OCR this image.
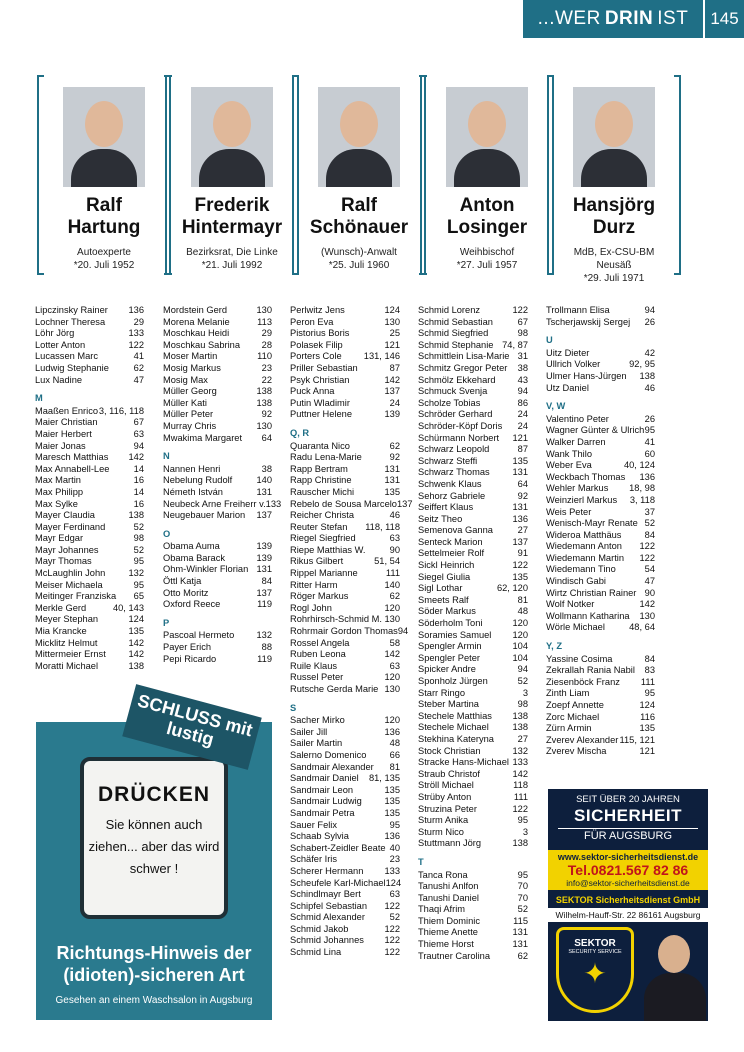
...WER DRIN IST	145
Ralf
Hartung
Autoexperte
*20. Juli 1952
Frederik
Hintermayr
Bezirksrat, Die Linke
*21. Juli 1992
Ralf
Schönauer
(Wunsch)-Anwalt
*25. Juli 1960
Anton
Losinger
Weihbischof
*27. Juli 1957
Hansjörg
Durz
MdB, Ex-CSU-BM Neusäß
*29. Juli 1971
Lipczinsky Rainer 136
Lochner Theresa	29
Löhr Jörg	133
Lotter Anton	122
Lucassen Marc	41
Ludwig Stephanie	62
Lux Nadine	47
M
Maaßen Enrico 3, 116, 118
Maier Christian	67
Maier Herbert	63
Maier Jonas	94
Maresch Matthias 142
Max Annabell-Lee	14
Max Martin	16
Max Philipp	14
Max Sylke	16
Mayer Claudia	138
Mayer Ferdinand	52
Mayr Edgar	98
Mayr Johannes	52
Mayr Thomas	95
McLaughlin John 132
Meiser Michaela	95
Meitinger Franziska 65
Merkle Gerd	40, 143
Meyer Stephan	124
Mia Krancke	135
Micklitz Helmut	142
Mittermeier Ernst 142
Moratti Michael	138
Mordstein Gerd	130
Morena Melanie	113
Moschkau Heidi	29
Moschkau Sabrina 28
Moser Martin	110
Mosig Markus	23
Mosig Max	22
Müller Georg	138
Müller Kati	138
Müller Peter	92
Murray Chris	130
Mwakima Margaret 64
N
Nannen Henri	38
Nebelung Rudolf	140
Németh István	131
Neubeck Arne Freiherr v. 133
Neugebauer Marion 137
O
Obama Auma	139
Obama Barack	139
Ohm-Winkler Florian 131
Öttl Katja	84
Otto Moritz	137
Oxford Reece	119
P
Pascoal Hermeto 132
Payer Erich	88
Pepi Ricardo	119
Perlwitz Jens	124
Peron Eva	130
Pistorius Boris	25
Polasek Filip	121
Porters Cole 131, 146
Priller Sebastian	87
Psyk Christian	142
Puck Anna	137
Putin Wladimir	24
Puttner Helene	139
Q, R
Quaranta Nico	62
Radu Lena-Marie	92
Rapp Bertram	131
Rapp Christine	131
Rauscher Michi	135
Rebelo de Sousa Marcelo 137
Reicher Christa	46
Reuter Stefan 118, 118
Riegel Siegfried	63
Riepe Matthias W.	90
Rikus Gilbert	51, 54
Rippel Marianne	111
Ritter Harm	140
Röger Markus	62
Rogl John	120
Rohrhirsch-Schmid M. 130
Rohrmair Gordon Thomas 94
Rossel Angela	58
Ruben Leona	142
Ruile Klaus	63
Russel Peter	120
Rutsche Gerda Marie 130
S
Sacher Mirko	120
Sailer Jill	136
Sailer Martin	48
Salerno Domenico 66
Sandmair Alexander 81
Sandmair Daniel 81, 135
Sandmair Leon	135
Sandmair Ludwig 135
Sandmair Petra	135
Sauer Felix	95
Schaab Sylvia	136
Schabert-Zeidler Beate 40
Schäfer Iris	23
Scherer Hermann 133
Scheufele Karl-Michael 124
Schindlmayr Bert	63
Schipfel Sebastian 122
Schmid Alexander	52
Schmid Jakob	122
Schmid Johannes 122
Schmid Lina	122
Schmid Lorenz	122
Schmid Sebastian	67
Schmid Siegfried	98
Schmid Stephanie 74, 87
Schmittlein Lisa-Marie 31
Schmitz Gregor Peter 38
Schmölz Ekkehard 43
Schmuck Svenja	94
Scholze Tobias	86
Schröder Gerhard	24
Schröder-Köpf Doris 24
Schürmann Norbert 121
Schwarz Leopold	87
Schwarz Steffi	135
Schwarz Thomas 131
Schwenk Klaus	64
Sehorz Gabriele	92
Seiffert Klaus	131
Seitz Theo	136
Semenova Ganna	27
Senteck Marion	137
Settelmeier Rolf	91
Sickl Heinrich	122
Siegel Giulia	135
Sigl Lothar	62, 120
Smeets Ralf	81
Söder Markus	48
Söderholm Toni	120
Soramies Samuel 120
Spengler Armin	104
Spengler Peter	104
Spicker Andre	94
Sponholz Jürgen	52
Starr Ringo	3
Steber Martina	98
Stechele Matthias 138
Stechele Michael	138
Stekhina Kateryna	27
Stock Christian	132
Stracke Hans-Michael 133
Straub Christof	142
Ströll Michael	118
Strüby Anton	111
Struzina Peter	122
Sturm Anika	95
Sturm Nico	3
Stuttmann Jörg	138
T
Tanca Rona	95
Tanushi Anlfon	70
Tanushi Daniel	70
Thaqi Afrim	52
Thiem Dominic	115
Thieme Anette	131
Thieme Horst	131
Trautner Carolina	62
Trollmann Elisa	94
Tscherjawskij Sergej 26
U
Uitz Dieter	42
Ullrich Volker	92, 95
Ulmer Hans-Jürgen 138
Utz Daniel	46
V, W
Valentino Peter	26
Wagner Günter & Ulrich 95
Walker Darren	41
Wank Thilo	60
Weber Eva	40, 124
Weckbach Thomas 136
Wehler Markus 18, 98
Weinzierl Markus 3, 118
Weis Peter	37
Wenisch-Mayr Renate 52
Wideroa Matthäus 84
Wiedemann Anton 122
Wiedemann Martin 122
Wiedemann Tino	54
Windisch Gabi	47
Wirtz Christian Rainer 90
Wolf Notker	142
Wollmann Katharina 130
Wörle Michael	48, 64
Y, Z
Yassine Cosima	84
Zekrallah Rania Nabil 83
Ziesenböck Franz 111
Zinth Liam	95
Zoepf Annette	124
Zorc Michael	116
Zürn Armin	135
Zverev Alexander 115, 121
Zverev Mischa	121
Richtungs-Hinweis der (idioten)-sicheren Art
Gesehen an einem Waschsalon in Augsburg
SCHLUSS mit lustig
DRÜCKEN
Sie können auch ziehen... aber das wird schwer !
SEIT ÜBER 20 JAHREN
SICHERHEIT
FÜR AUGSBURG
www.sektor-sicherheitsdienst.de
Tel.0821.567 82 86
info@sektor-sicherheitsdienst.de
SEKTOR Sicherheitsdienst GmbH
Wilhelm-Hauff-Str. 22 86161 Augsburg
SEKTOR
SECURITY SERVICE
✦
